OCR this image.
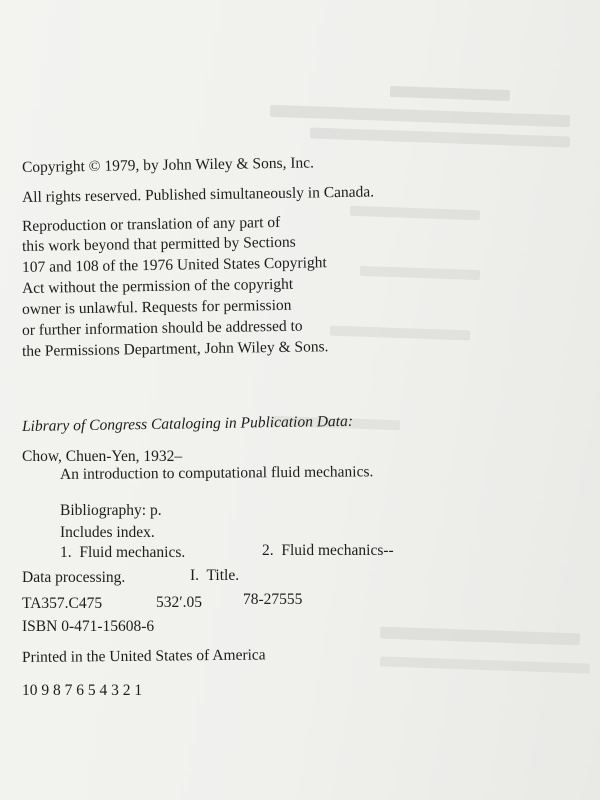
Copyright © 1979, by John Wiley & Sons, Inc.
All rights reserved. Published simultaneously in Canada.
Reproduction or translation of any part of
this work beyond that permitted by Sections
107 and 108 of the 1976 United States Copyright
Act without the permission of the copyright
owner is unlawful. Requests for permission
or further information should be addressed to
the Permissions Department, John Wiley & Sons.
Library of Congress Cataloging in Publication Data:
Chow, Chuen-Yen, 1932–
An introduction to computational fluid mechanics.
Bibliography: p.
Includes index.
1.  Fluid mechanics.	2.  Fluid mechanics--
Data processing.	I.  Title.
TA357.C475	532′.05	78-27555
ISBN 0-471-15608-6
Printed in the United States of America
10 9 8 7 6 5 4 3 2 1
